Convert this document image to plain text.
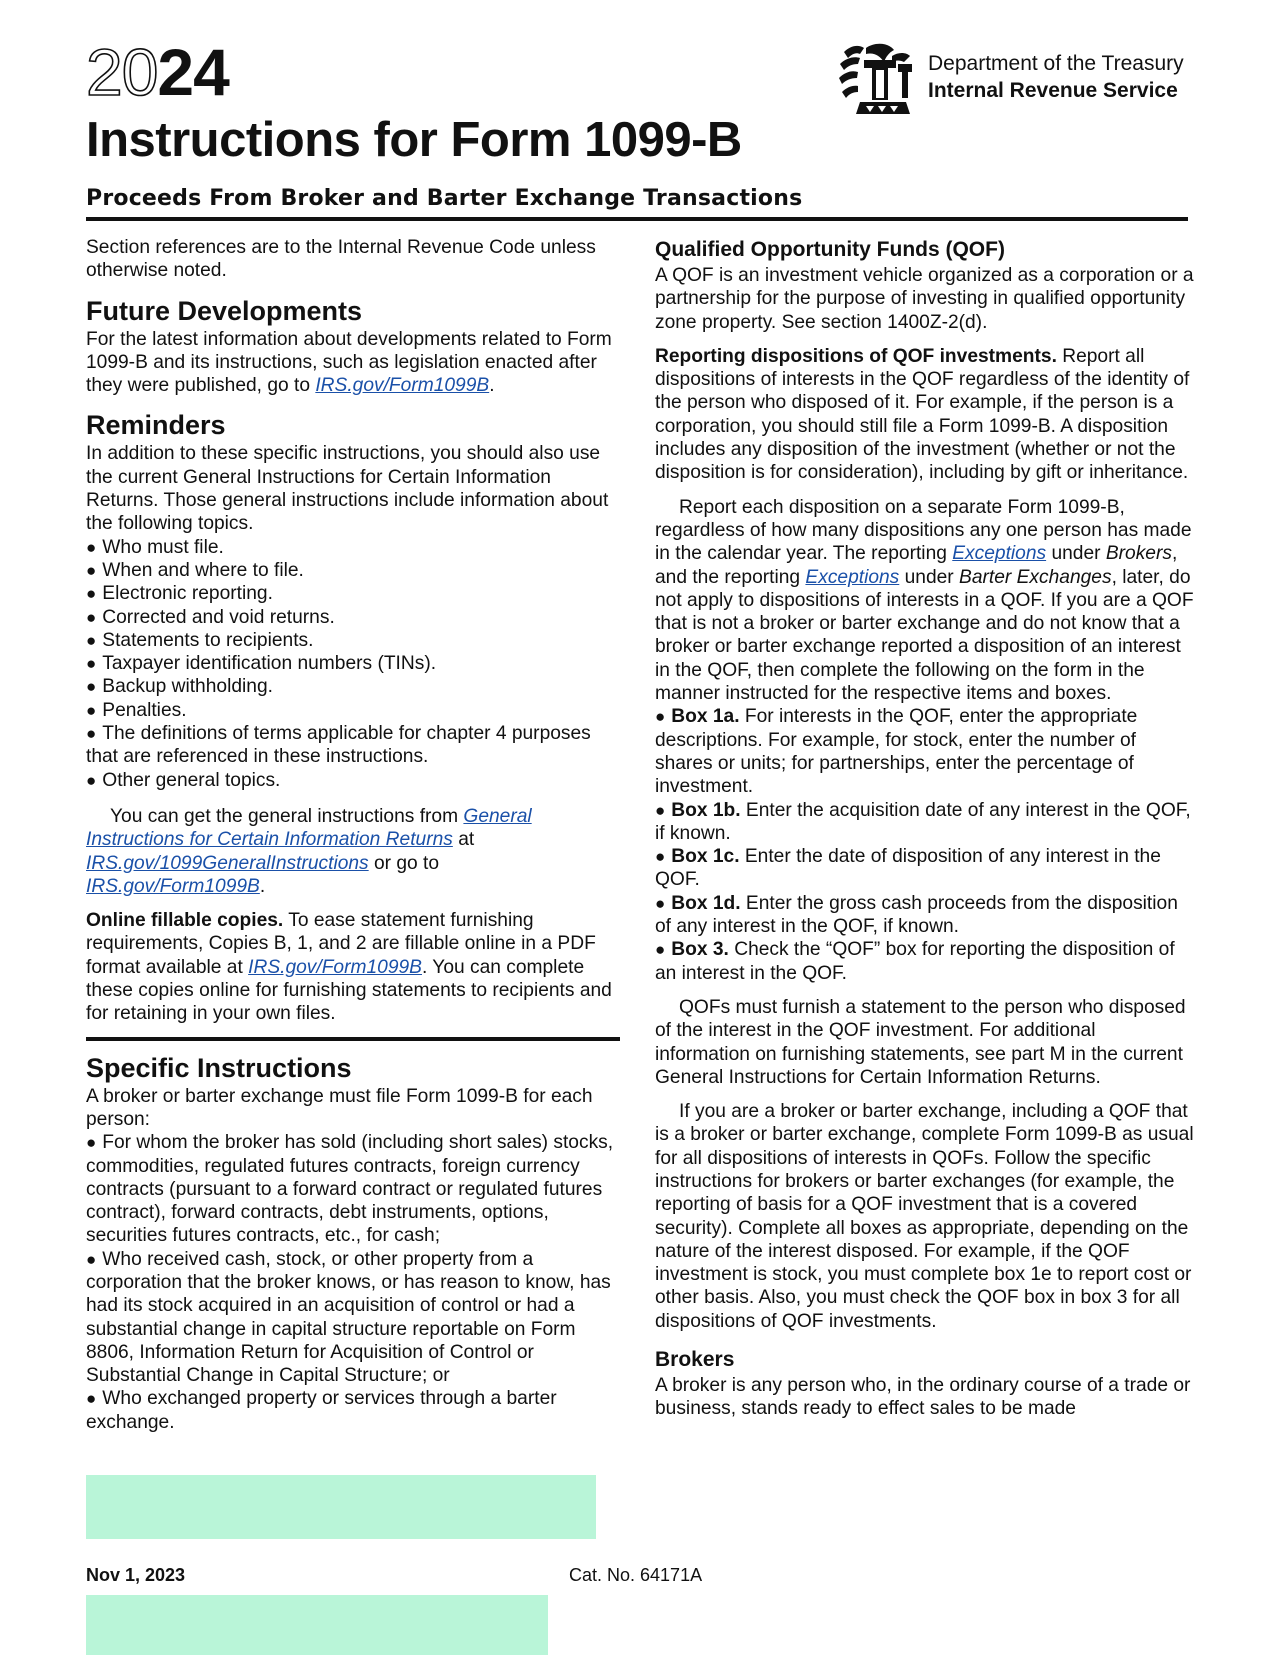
2024	Department of the Treasury
Internal Revenue Service
Instructions for Form 1099-B
Proceeds From Broker and Barter Exchange Transactions

Section references are to the Internal Revenue Code unless otherwise noted.

Future Developments

For the latest information about developments related to Form 1099-B and its instructions, such as legislation enacted after they were published, go to IRS.gov/Form1099B.

Reminders

In addition to these specific instructions, you should also use the current General Instructions for Certain Information Returns. Those general instructions include information about the following topics.

● Who must file.
● When and where to file.
● Electronic reporting.
● Corrected and void returns.
● Statements to recipients.
● Taxpayer identification numbers (TINs).
● Backup withholding.
● Penalties.
● The definitions of terms applicable for chapter 4 purposes that are referenced in these instructions.
● Other general topics.

You can get the general instructions from General Instructions for Certain Information Returns at IRS.gov/1099GeneralInstructions or go to IRS.gov/Form1099B.

Online fillable copies. To ease statement furnishing requirements, Copies B, 1, and 2 are fillable online in a PDF format available at IRS.gov/Form1099B. You can complete these copies online for furnishing statements to recipients and for retaining in your own files.

Specific Instructions

A broker or barter exchange must file Form 1099-B for each person:

● For whom the broker has sold (including short sales) stocks, commodities, regulated futures contracts, foreign currency contracts (pursuant to a forward contract or regulated futures contract), forward contracts, debt instruments, options, securities futures contracts, etc., for cash;
● Who received cash, stock, or other property from a corporation that the broker knows, or has reason to know, has had its stock acquired in an acquisition of control or had a substantial change in capital structure reportable on Form 8806, Information Return for Acquisition of Control or Substantial Change in Capital Structure; or
● Who exchanged property or services through a barter exchange.
Qualified Opportunity Funds (QOF)

A QOF is an investment vehicle organized as a corporation or a partnership for the purpose of investing in qualified opportunity zone property. See section 1400Z-2(d).

Reporting dispositions of QOF investments. Report all dispositions of interests in the QOF regardless of the identity of the person who disposed of it. For example, if the person is a corporation, you should still file a Form 1099-B. A disposition includes any disposition of the investment (whether or not the disposition is for consideration), including by gift or inheritance.

Report each disposition on a separate Form 1099-B, regardless of how many dispositions any one person has made in the calendar year. The reporting Exceptions under Brokers, and the reporting Exceptions under Barter Exchanges, later, do not apply to dispositions of interests in a QOF. If you are a QOF that is not a broker or barter exchange and do not know that a broker or barter exchange reported a disposition of an interest in the QOF, then complete the following on the form in the manner instructed for the respective items and boxes.

● Box 1a. For interests in the QOF, enter the appropriate descriptions. For example, for stock, enter the number of shares or units; for partnerships, enter the percentage of investment.
● Box 1b. Enter the acquisition date of any interest in the QOF, if known.
● Box 1c. Enter the date of disposition of any interest in the QOF.
● Box 1d. Enter the gross cash proceeds from the disposition of any interest in the QOF, if known.
● Box 3. Check the “QOF” box for reporting the disposition of an interest in the QOF.

QOFs must furnish a statement to the person who disposed of the interest in the QOF investment. For additional information on furnishing statements, see part M in the current General Instructions for Certain Information Returns.

If you are a broker or barter exchange, including a QOF that is a broker or barter exchange, complete Form 1099-B as usual for all dispositions of interests in QOFs. Follow the specific instructions for brokers or barter exchanges (for example, the reporting of basis for a QOF investment that is a covered security). Complete all boxes as appropriate, depending on the nature of the interest disposed. For example, if the QOF investment is stock, you must complete box 1e to report cost or other basis. Also, you must check the QOF box in box 3 for all dispositions of QOF investments.

Brokers

A broker is any person who, in the ordinary course of a trade or business, stands ready to effect sales to be made

Nov 1, 2023	Cat. No. 64171A
